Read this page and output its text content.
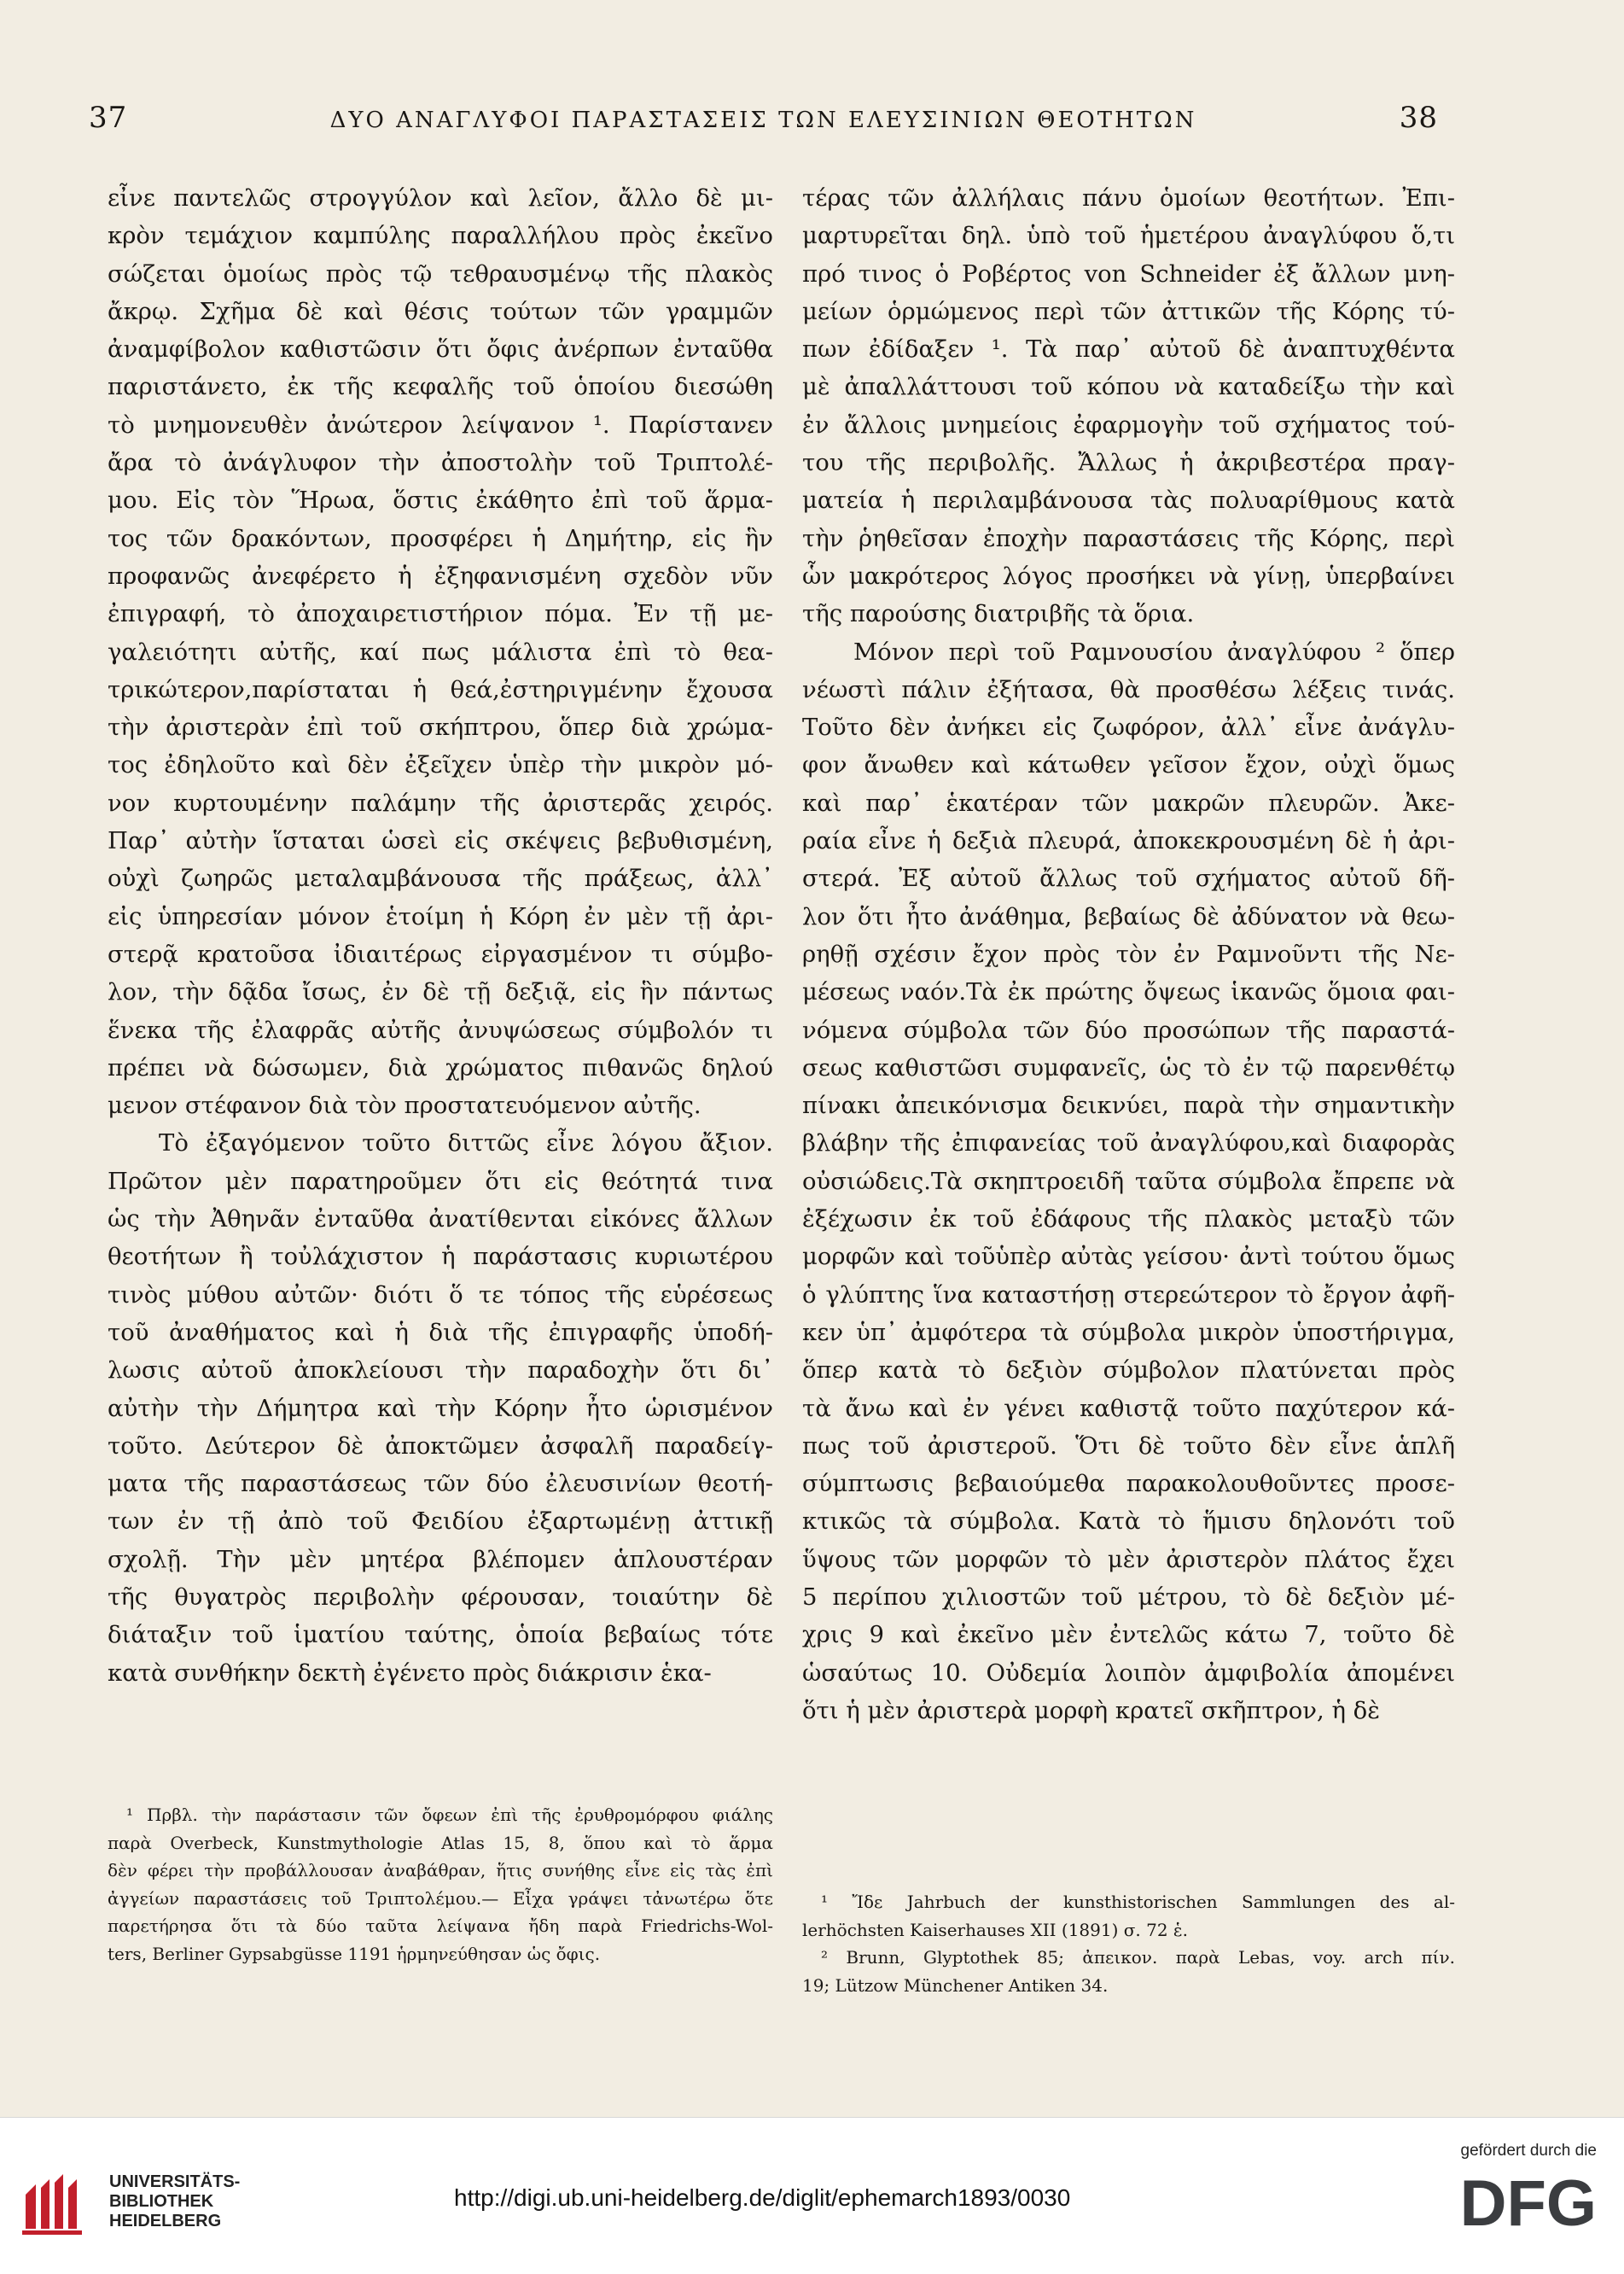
37	ΔΥΟ ΑΝΑΓΛΥΦΟΙ ΠΑΡΑΣΤΑΣΕΙΣ ΤΩΝ ΕΛΕΥΣΙΝΙΩΝ ΘΕΟΤΗΤΩΝ	38
εἶνε παντελῶς στρογγύλον καὶ λεῖον, ἄλλο δὲ μι-
κρὸν τεμάχιον καμπύλης παραλλήλου πρὸς ἐκεῖνο
σώζεται ὁμοίως πρὸς τῷ τεθραυσμένῳ τῆς πλακὸς
ἄκρῳ. Σχῆμα δὲ καὶ θέσις τούτων τῶν γραμμῶν
ἀναμφίβολον καθιστῶσιν ὅτι ὄφις ἀνέρπων ἐνταῦθα
παριστάνετο, ἐκ τῆς κεφαλῆς τοῦ ὁποίου διεσώθη
τὸ μνημονευθὲν ἀνώτερον λείψανον ¹. Παρίστανεν
ἄρα τὸ ἀνάγλυφον τὴν ἀποστολὴν τοῦ Τριπτολέ-
μου. Εἰς τὸν Ἥρωα, ὅστις ἐκάθητο ἐπὶ τοῦ ἅρμα-
τος τῶν δρακόντων, προσφέρει ἡ Δημήτηρ, εἰς ἣν
προφανῶς ἀνεφέρετο ἡ ἐξηφανισμένη σχεδὸν νῦν
ἐπιγραφή, τὸ ἀποχαιρετιστήριον πόμα. Ἐν τῇ με-
γαλειότητι αὐτῆς, καί πως μάλιστα ἐπὶ τὸ θεα-
τρικώτερον,παρίσταται ἡ θεά,ἐστηριγμένην ἔχουσα
τὴν ἀριστερὰν ἐπὶ τοῦ σκήπτρου, ὅπερ διὰ χρώμα-
τος ἐδηλοῦτο καὶ δὲν ἐξεῖχεν ὑπὲρ τὴν μικρὸν μό-
νον κυρτουμένην παλάμην τῆς ἀριστερᾶς χειρός.
Παρ᾽ αὐτὴν ἵσταται ὡσεὶ εἰς σκέψεις βεβυθισμένη,
οὐχὶ ζωηρῶς μεταλαμβάνουσα τῆς πράξεως, ἀλλ᾽
εἰς ὑπηρεσίαν μόνον ἑτοίμη ἡ Κόρη ἐν μὲν τῇ ἀρι-
στερᾷ κρατοῦσα ἰδιαιτέρως εἰργασμένον τι σύμβο-
λον, τὴν δᾷδα ἴσως, ἐν δὲ τῇ δεξιᾷ, εἰς ἣν πάντως
ἕνεκα τῆς ἐλαφρᾶς αὐτῆς ἀνυψώσεως σύμβολόν τι
πρέπει νὰ δώσωμεν, διὰ χρώματος πιθανῶς δηλού
μενον στέφανον διὰ τὸν προστατευόμενον αὐτῆς.
Τὸ ἐξαγόμενον τοῦτο διττῶς εἶνε λόγου ἄξιον.
Πρῶτον μὲν παρατηροῦμεν ὅτι εἰς θεότητά τινα
ὡς τὴν Ἀθηνᾶν ἐνταῦθα ἀνατίθενται εἰκόνες ἄλλων
θεοτήτων ἢ τοὐλάχιστον ἡ παράστασις κυριωτέρου
τινὸς μύθου αὐτῶν· διότι ὅ τε τόπος τῆς εὑρέσεως
τοῦ ἀναθήματος καὶ ἡ διὰ τῆς ἐπιγραφῆς ὑποδή-
λωσις αὐτοῦ ἀποκλείουσι τὴν παραδοχὴν ὅτι δι᾽
αὐτὴν τὴν Δήμητρα καὶ τὴν Κόρην ἦτο ὡρισμένον
τοῦτο. Δεύτερον δὲ ἀποκτῶμεν ἀσφαλῆ παραδείγ-
ματα τῆς παραστάσεως τῶν δύο ἐλευσινίων θεοτή-
των ἐν τῇ ἀπὸ τοῦ Φειδίου ἐξαρτωμένῃ ἀττικῇ
σχολῇ. Τὴν μὲν μητέρα βλέπομεν ἁπλουστέραν
τῆς θυγατρὸς περιβολὴν φέρουσαν, τοιαύτην δὲ
διάταξιν τοῦ ἱματίου ταύτης, ὁποία βεβαίως τότε
κατὰ συνθήκην δεκτὴ ἐγένετο πρὸς διάκρισιν ἑκα-
τέρας τῶν ἀλλήλαις πάνυ ὁμοίων θεοτήτων. Ἐπι-
μαρτυρεῖται δηλ. ὑπὸ τοῦ ἡμετέρου ἀναγλύφου ὅ,τι
πρό τινος ὁ Ροβέρτος von Schneider ἐξ ἄλλων μνη-
μείων ὁρμώμενος περὶ τῶν ἀττικῶν τῆς Κόρης τύ-
πων ἐδίδαξεν ¹. Τὰ παρ᾽ αὐτοῦ δὲ ἀναπτυχθέντα
μὲ ἀπαλλάττουσι τοῦ κόπου νὰ καταδείξω τὴν καὶ
ἐν ἄλλοις μνημείοις ἐφαρμογὴν τοῦ σχήματος τού-
του τῆς περιβολῆς. Ἄλλως ἡ ἀκριβεστέρα πραγ-
ματεία ἡ περιλαμβάνουσα τὰς πολυαρίθμους κατὰ
τὴν ῥηθεῖσαν ἐποχὴν παραστάσεις τῆς Κόρης, περὶ
ὧν μακρότερος λόγος προσήκει νὰ γίνῃ, ὑπερβαίνει
τῆς παρούσης διατριβῆς τὰ ὅρια.
Μόνον περὶ τοῦ Ραμνουσίου ἀναγλύφου ² ὅπερ
νέωστὶ πάλιν ἐξήτασα, θὰ προσθέσω λέξεις τινάς.
Τοῦτο δὲν ἀνήκει εἰς ζωφόρον, ἀλλ᾽ εἶνε ἀνάγλυ-
φον ἄνωθεν καὶ κάτωθεν γεῖσον ἔχον, οὐχὶ ὅμως
καὶ παρ᾽ ἑκατέραν τῶν μακρῶν πλευρῶν. Ἀκε-
ραία εἶνε ἡ δεξιὰ πλευρά, ἀποκεκρουσμένη δὲ ἡ ἀρι-
στερά. Ἐξ αὐτοῦ ἄλλως τοῦ σχήματος αὐτοῦ δῆ-
λον ὅτι ἦτο ἀνάθημα, βεβαίως δὲ ἀδύνατον νὰ θεω-
ρηθῇ σχέσιν ἔχον πρὸς τὸν ἐν Ραμνοῦντι τῆς Νε-
μέσεως ναόν.Τὰ ἐκ πρώτης ὄψεως ἱκανῶς ὅμοια φαι-
νόμενα σύμβολα τῶν δύο προσώπων τῆς παραστά-
σεως καθιστῶσι συμφανεῖς, ὡς τὸ ἐν τῷ παρενθέτῳ
πίνακι ἀπεικόνισμα δεικνύει, παρὰ τὴν σημαντικὴν
βλάβην τῆς ἐπιφανείας τοῦ ἀναγλύφου,καὶ διαφορὰς
οὐσιώδεις.Τὰ σκηπτροειδῆ ταῦτα σύμβολα ἔπρεπε νὰ
ἐξέχωσιν ἐκ τοῦ ἐδάφους τῆς πλακὸς μεταξὺ τῶν
μορφῶν καὶ τοῦὑπὲρ αὐτὰς γείσου· ἀντὶ τούτου ὅμως
ὁ γλύπτης ἵνα καταστήσῃ στερεώτερον τὸ ἔργον ἀφῆ-
κεν ὑπ᾽ ἀμφότερα τὰ σύμβολα μικρὸν ὑποστήριγμα,
ὅπερ κατὰ τὸ δεξιὸν σύμβολον πλατύνεται πρὸς
τὰ ἄνω καὶ ἐν γένει καθιστᾷ τοῦτο παχύτερον κά-
πως τοῦ ἀριστεροῦ. Ὅτι δὲ τοῦτο δὲν εἶνε ἁπλῆ
σύμπτωσις βεβαιούμεθα παρακολουθοῦντες προσε-
κτικῶς τὰ σύμβολα. Κατὰ τὸ ἥμισυ δηλονότι τοῦ
ὕψους τῶν μορφῶν τὸ μὲν ἀριστερὸν πλάτος ἔχει
5 περίπου χιλιοστῶν τοῦ μέτρου, τὸ δὲ δεξιὸν μέ-
χρις 9 καὶ ἐκεῖνο μὲν ἐντελῶς κάτω 7, τοῦτο δὲ
ὡσαύτως 10. Οὐδεμία λοιπὸν ἀμφιβολία ἀπομένει
ὅτι ἡ μὲν ἀριστερὰ μορφὴ κρατεῖ σκῆπτρον, ἡ δὲ
¹ Πρβλ. τὴν παράστασιν τῶν ὄφεων ἐπὶ τῆς ἐρυθρομόρφου φιάλης
παρὰ Overbeck, Kunstmythologie Atlas 15, 8, ὅπου καὶ τὸ ἅρμα
δὲν φέρει τὴν προβάλλουσαν ἀναβάθραν, ἥτις συνήθης εἶνε εἰς τὰς ἐπὶ
ἀγγείων παραστάσεις τοῦ Τριπτολέμου.— Εἶχα γράψει τἀνωτέρω ὅτε
παρετήρησα ὅτι τὰ δύο ταῦτα λείψανα ἤδη παρὰ Friedrichs-Wol-
ters, Berliner Gypsabgüsse 1191 ἡρμηνεύθησαν ὡς ὄφις.
¹ Ἴδε Jahrbuch der kunsthistorischen Sammlungen des al-
lerhöchsten Kaiserhauses XII (1891) σ. 72 ἑ.
² Brunn, Glyptothek 85; ἀπεικον. παρὰ Lebas, voy. arch πίν.
19; Lützow Münchener Antiken 34.
UNIVERSITÄTS-
BIBLIOTHEK
HEIDELBERG
http://digi.ub.uni-heidelberg.de/diglit/ephemarch1893/0030
gefördert durch die
DFG
